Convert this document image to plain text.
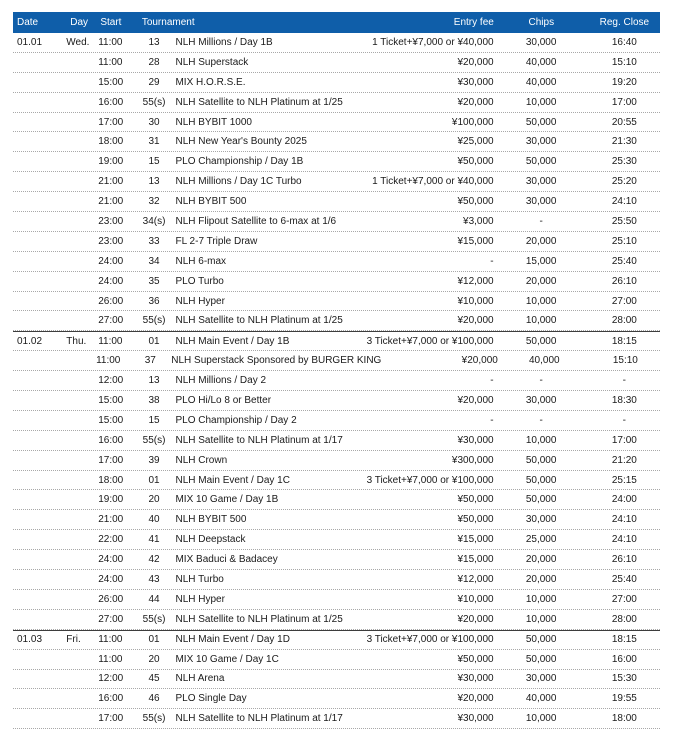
Date	Day	Start	Tournament	Entry fee	Chips	Reg. Close
01.01	Wed. 11:00	13	NLH Millions / Day 1B	1 Ticket+¥7,000 or ¥40,000	30,000	16:40
11:00	28	NLH Superstack	¥20,000	40,000	15:10
15:00	29	MIX H.O.R.S.E.	¥30,000	40,000	19:20
16:00	55(s)	NLH Satellite to NLH Platinum at 1/25	¥20,000	10,000	17:00
17:00	30	NLH BYBIT 1000	¥100,000	50,000	20:55
18:00	31	NLH New Year's Bounty 2025	¥25,000	30,000	21:30
19:00	15	PLO Championship / Day 1B	¥50,000	50,000	25:30
21:00	13	NLH Millions / Day 1C Turbo	1 Ticket+¥7,000 or ¥40,000	30,000	25:20
21:00	32	NLH BYBIT 500	¥50,000	30,000	24:10
23:00	34(s)	NLH Flipout Satellite to 6-max at 1/6	¥3,000	-	25:50
23:00	33	FL 2-7 Triple Draw	¥15,000	20,000	25:10
24:00	34	NLH 6-max	-	15,000	25:40
24:00	35	PLO Turbo	¥12,000	20,000	26:10
26:00	36	NLH Hyper	¥10,000	10,000	27:00
27:00	55(s)	NLH Satellite to NLH Platinum at 1/25	¥20,000	10,000	28:00
01.02	Thu.	11:00	01	NLH Main Event / Day 1B	3 Ticket+¥7,000 or ¥100,000	50,000	18:15
11:00	37	NLH Superstack Sponsored by BURGER KING	¥20,000	40,000	15:10
12:00	13	NLH Millions / Day 2	-	-	-
15:00	38	PLO Hi/Lo 8 or Better	¥20,000	30,000	18:30
15:00	15	PLO Championship / Day 2	-	-	-
16:00	55(s)	NLH Satellite to NLH Platinum at 1/17	¥30,000	10,000	17:00
17:00	39	NLH Crown	¥300,000	50,000	21:20
18:00	01	NLH Main Event / Day 1C	3 Ticket+¥7,000 or ¥100,000	50,000	25:15
19:00	20	MIX 10 Game / Day 1B	¥50,000	50,000	24:00
21:00	40	NLH BYBIT 500	¥50,000	30,000	24:10
22:00	41	NLH Deepstack	¥15,000	25,000	24:10
24:00	42	MIX Baduci & Badacey	¥15,000	20,000	26:10
24:00	43	NLH Turbo	¥12,000	20,000	25:40
26:00	44	NLH Hyper	¥10,000	10,000	27:00
27:00	55(s)	NLH Satellite to NLH Platinum at 1/25	¥20,000	10,000	28:00
01.03	Fri.	11:00	01	NLH Main Event / Day 1D	3 Ticket+¥7,000 or ¥100,000	50,000	18:15
11:00	20	MIX 10 Game / Day 1C	¥50,000	50,000	16:00
12:00	45	NLH Arena	¥30,000	30,000	15:30
16:00	46	PLO Single Day	¥20,000	40,000	19:55
17:00	55(s)	NLH Satellite to NLH Platinum at 1/17	¥30,000	10,000	18:00
